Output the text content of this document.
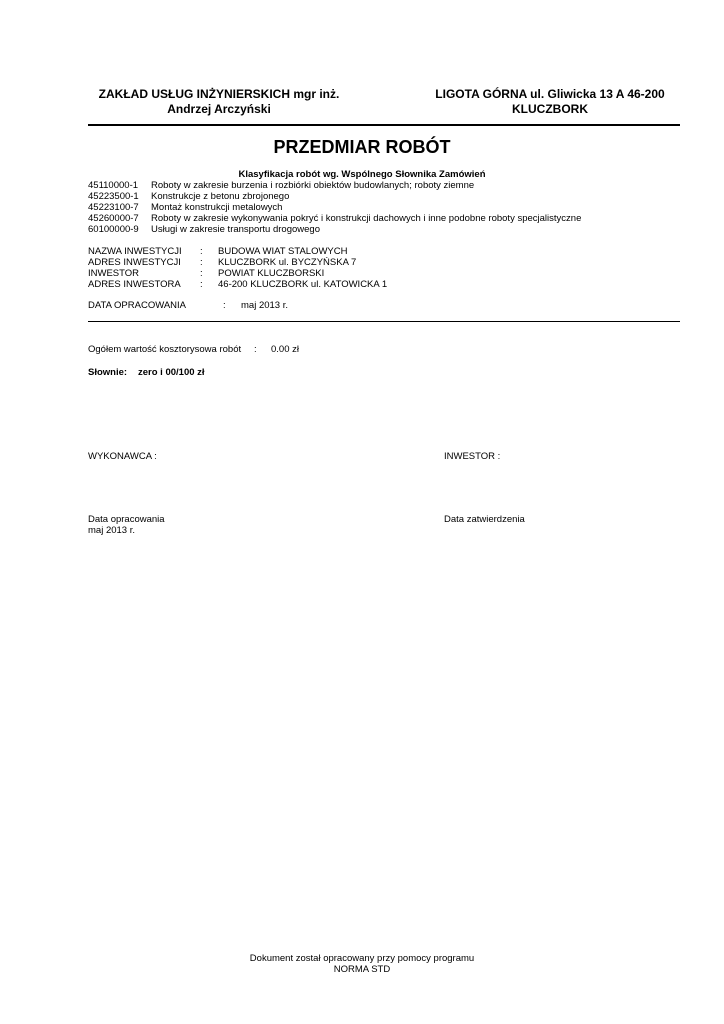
ZAKŁAD USŁUG INŻYNIERSKICH mgr inż.
Andrzej Arczyński
LIGOTA GÓRNA ul. Gliwicka 13 A 46-200
KLUCZBORK
PRZEDMIAR ROBÓT
Klasyfikacja robót wg. Wspólnego Słownika Zamówień
45110000-1 Roboty w zakresie burzenia i rozbiórki obiektów budowlanych; roboty ziemne
45223500-1 Konstrukcje z betonu zbrojonego
45223100-7 Montaż konstrukcji metalowych
45260000-7 Roboty w zakresie wykonywania pokryć i konstrukcji dachowych i inne podobne roboty specjalistyczne
60100000-9 Usługi w zakresie transportu drogowego
NAZWA INWESTYCJI : BUDOWA WIAT STALOWYCH
ADRES INWESTYCJI : KLUCZBORK ul. BYCZYŃSKA 7
INWESTOR	: POWIAT KLUCZBORSKI
ADRES INWESTORA : 46-200 KLUCZBORK ul. KATOWICKA 1
DATA OPRACOWANIA	: maj 2013 r.
Ogółem wartość kosztorysowa robót : 0.00 zł
Słownie: zero i 00/100 zł
WYKONAWCA :	INWESTOR :
Data opracowania
maj 2013 r.
Data zatwierdzenia
Dokument został opracowany przy pomocy programu
NORMA STD
